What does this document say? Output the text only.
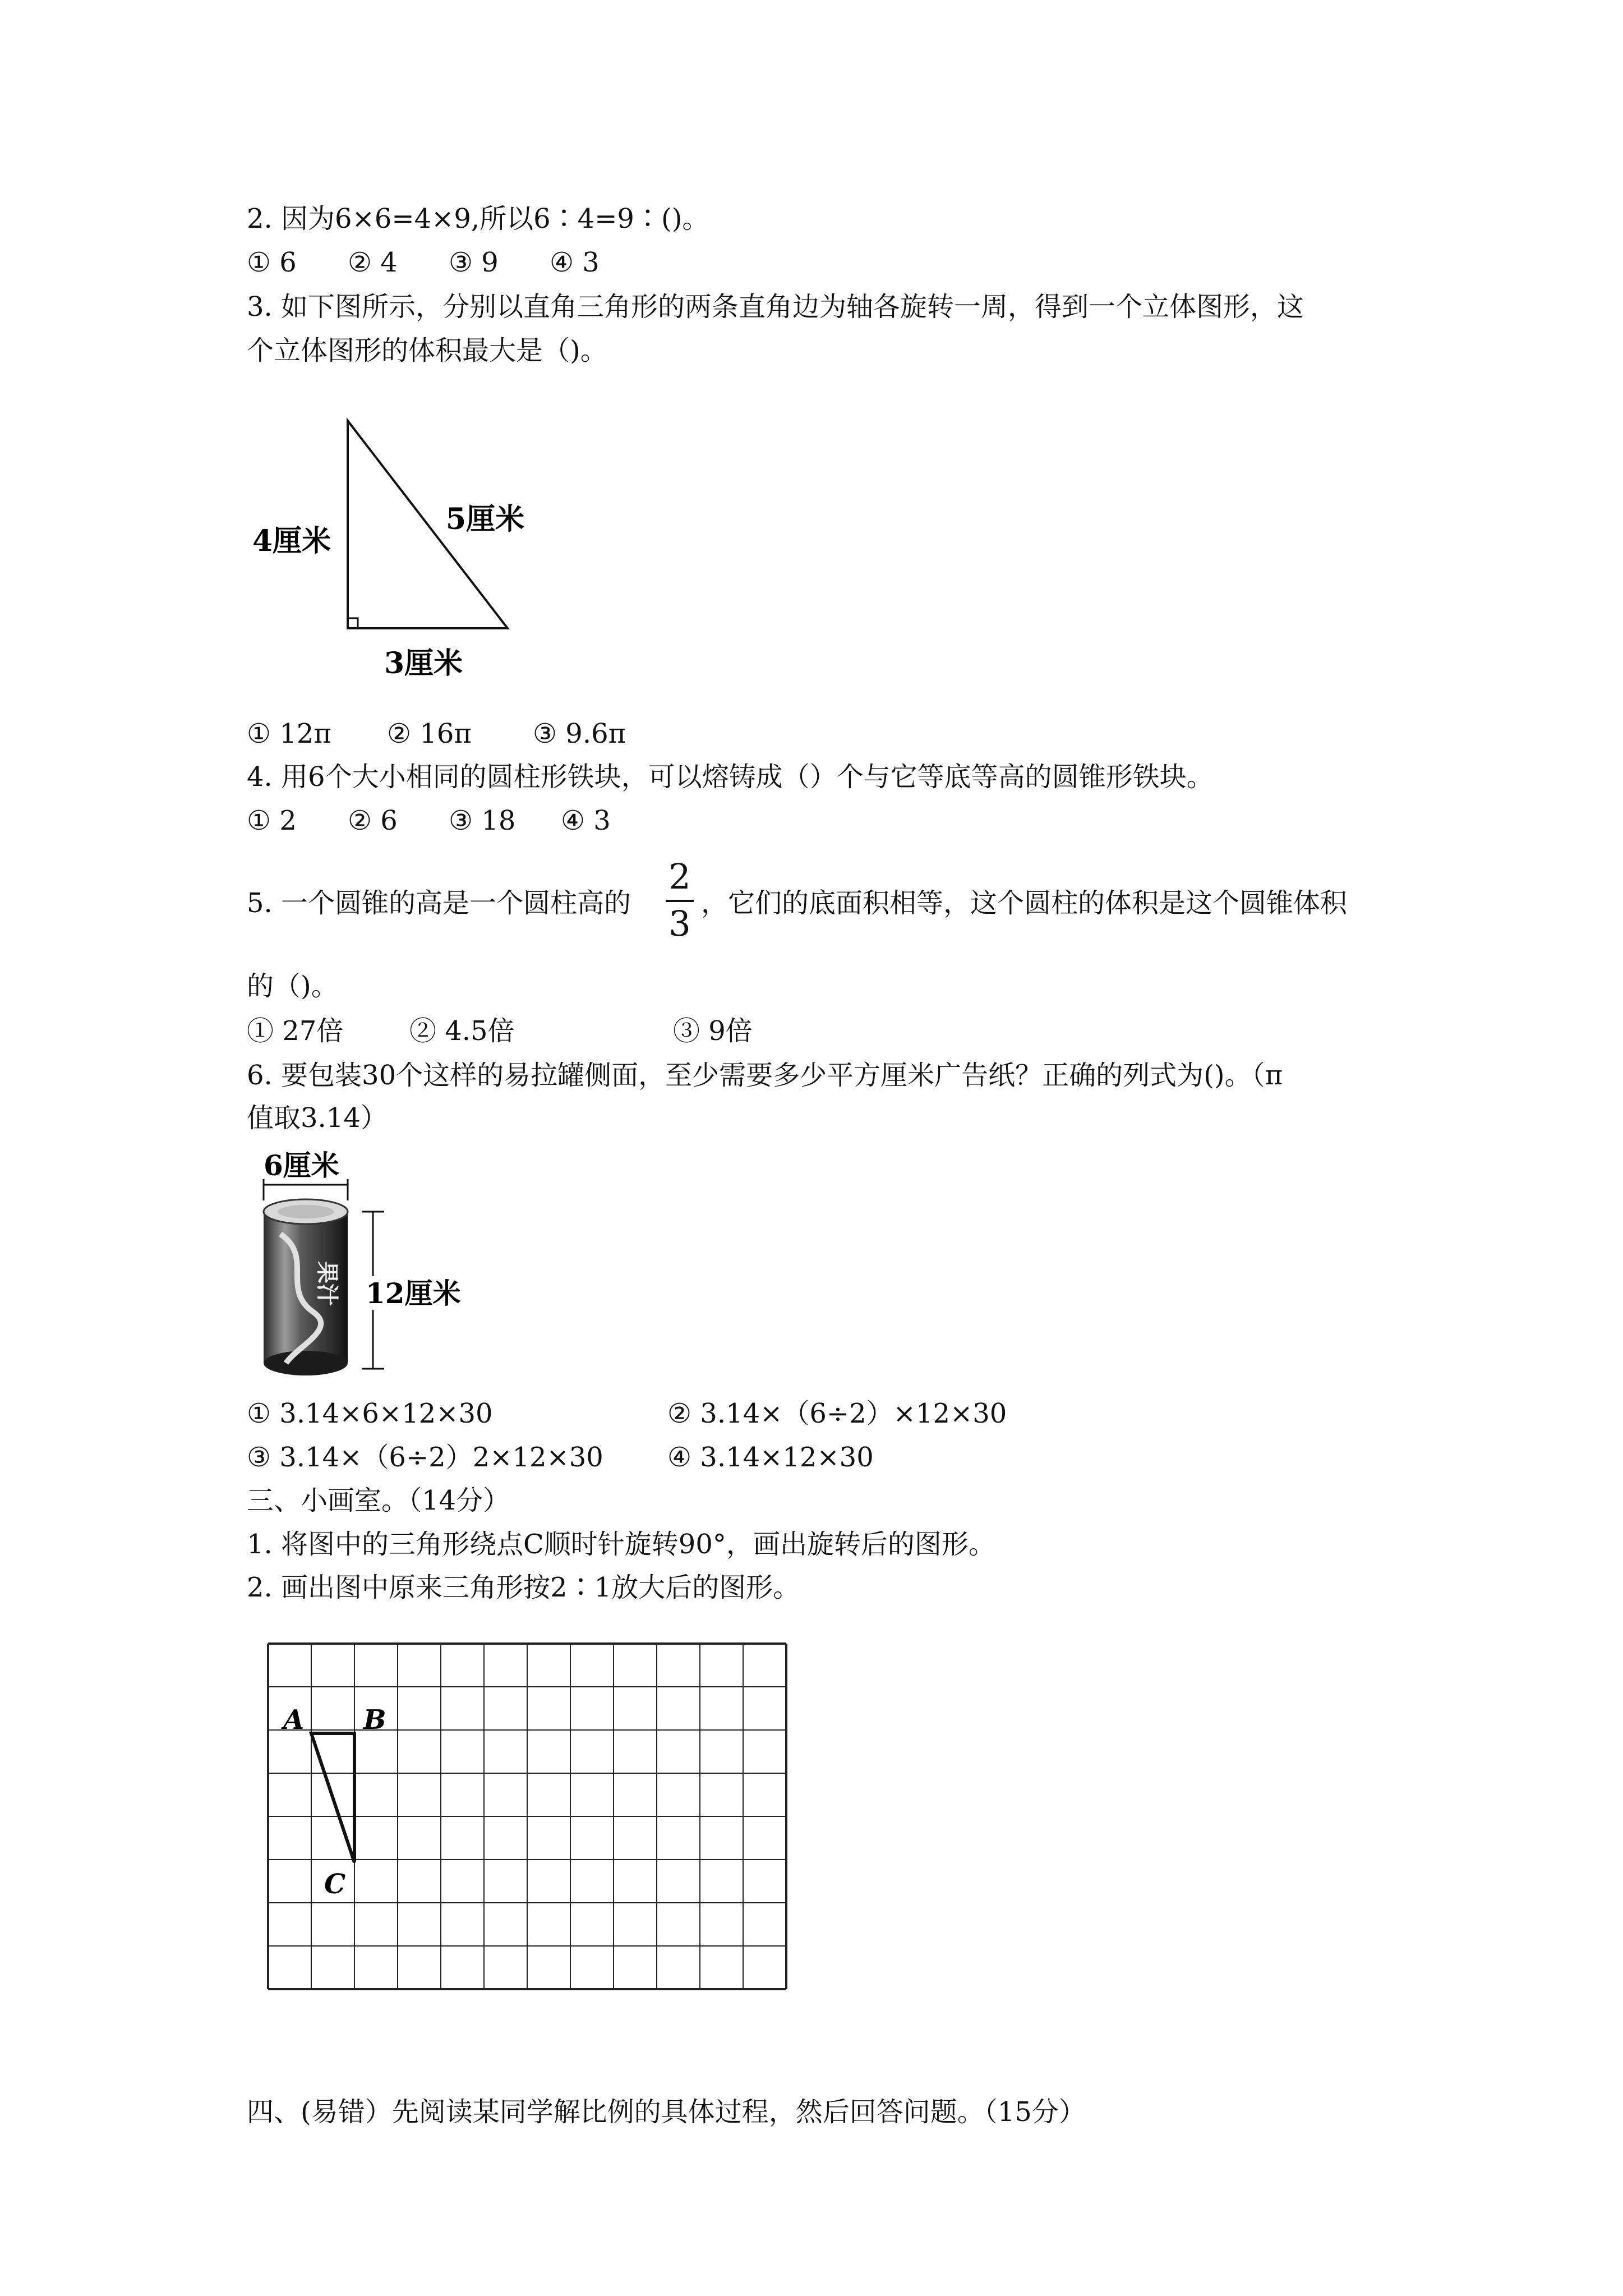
2. 因为6×6=4×9,所以6∶4=9∶()。
① 6 ② 4 ③ 9 ④ 3
3. 如下图所示，分别以直角三角形的两条直角边为轴各旋转一周，得到一个立体图形，这
个立体图形的体积最大是（)。
4厘米
5厘米
3厘米
① 12π ② 16π ③ 9.6π
4. 用6个大小相同的圆柱形铁块，可以熔铸成（）个与它等底等高的圆锥形铁块。
① 2 ② 6 ③ 18 ④ 3
5. 一个圆锥的高是一个圆柱高的
2
3 ，它们的底面积相等，这个圆柱的体积是这个圆锥体积
的（)。
① 27倍 ② 4.5倍	③ 9倍
6. 要包装30个这样的易拉罐侧面，至少需要多少平方厘米广告纸？正确的列式为()。（π
值取3.14）
6厘米
果汁 12厘米
① 3.14×6×12×30	② 3.14×（6÷2）×12×30
③ 3.14×（6÷2）2×12×30 ④ 3.14×12×30
三、小画室。（14分）
1. 将图中的三角形绕点C顺时针旋转90°，画出旋转后的图形。
2. 画出图中原来三角形按2∶1放大后的图形。
A B
C
四、(易错）先阅读某同学解比例的具体过程，然后回答问题。（15分）
